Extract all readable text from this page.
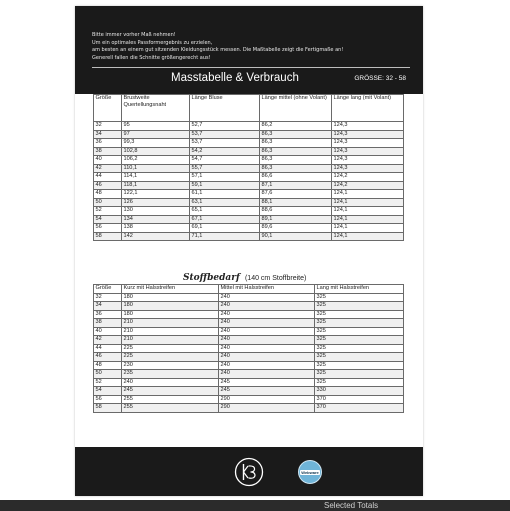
Bitte immer vorher Maß nehmen!
Um ein optimales Passformergebnis zu erzielen,
am besten an einem gut sitzenden Kleidungsstück messen. Die Maßtabelle zeigt die Fertigmaße an!
Generell fallen die Schnitte größengerecht aus!
Masstabelle & Verbrauch	GRÖSSE: 32 - 58
Größe	Brustweite Quertellungsnaht	Länge Bluse	Länge mittel (ohne Volant)	Länge lang (mit Volant)
32	95	52,7	86,2	124,3
34	97	53,7	86,3	124,3
36	99,3	53,7	86,3	124,3
38	102,8	54,2	86,3	124,3
40	106,2	54,7	86,3	124,3
42	110,1	55,7	86,3	124,3
44	114,1	57,1	86,6	124,2
46	118,1	59,1	87,1	124,2
48	122,1	61,1	87,6	124,1
50	126	63,1	88,1	124,1
52	130	65,1	88,6	124,1
54	134	67,1	89,1	124,1
56	138	69,1	89,6	124,1
58	142	71,1	90,1	124,1
Stoffbedarf (140 cm Stoffbreite)
Größe	Kurz mit Halsstreifen	Mittel mit Halsstreifen	Lang mit Halsstreifen
32	180	240	325
34	180	240	325
36	180	240	325
38	210	240	325
40	210	240	325
42	210	240	325
44	225	240	325
46	225	240	325
48	230	240	325
50	235	240	325
52	240	245	325
54	245	245	330
56	255	290	370
58	255	290	370
Webware
Selected Totals
